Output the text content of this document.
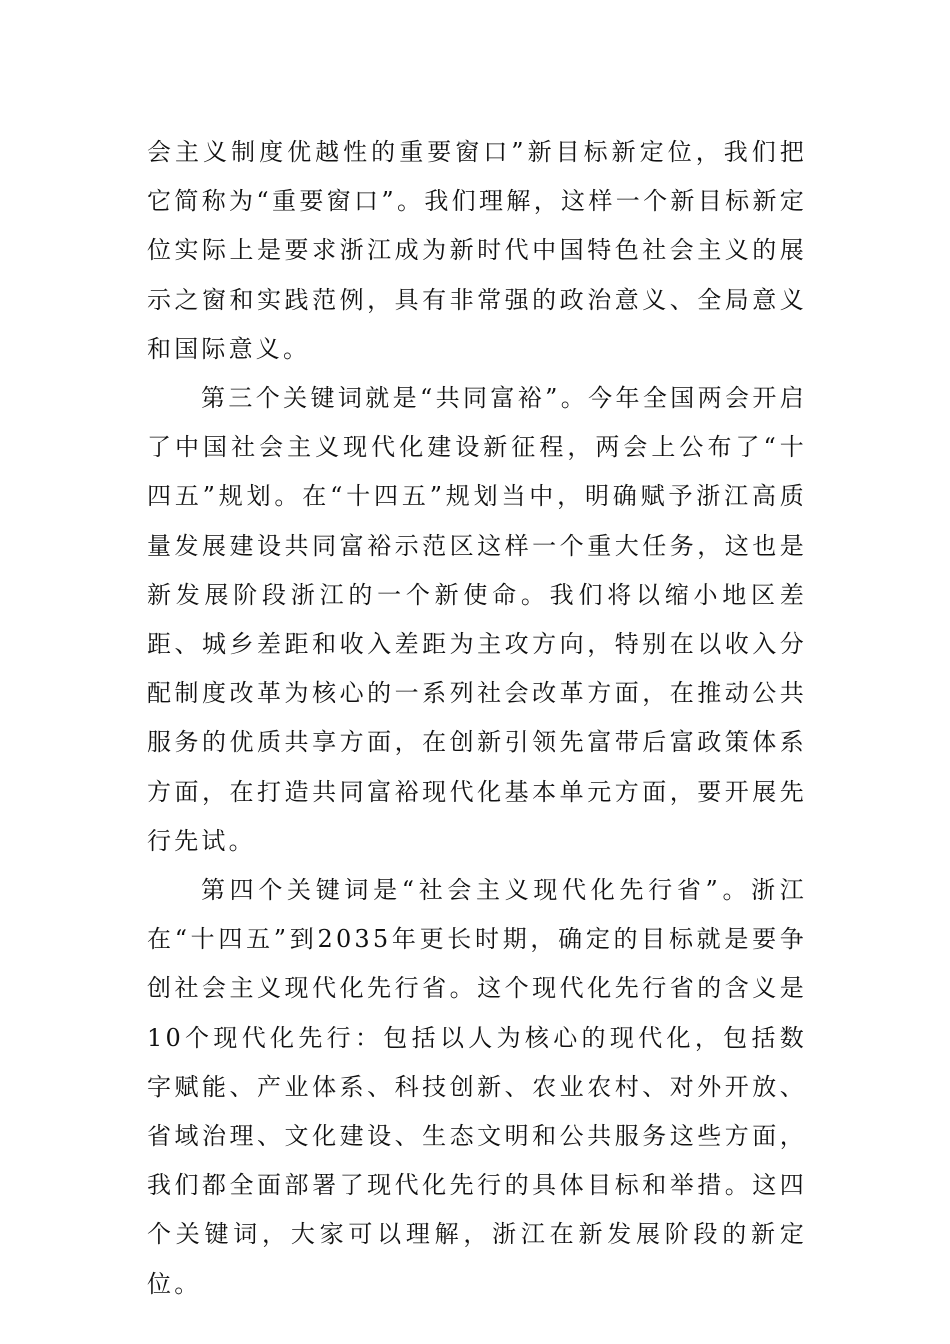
会主义制度优越性的重要窗口”新目标新定位，我们把它简称为“重要窗口”。我们理解，这样一个新目标新定位实际上是要求浙江成为新时代中国特色社会主义的展示之窗和实践范例，具有非常强的政治意义、全局意义和国际意义。

第三个关键词就是“共同富裕”。今年全国两会开启了中国社会主义现代化建设新征程，两会上公布了“十四五”规划。在“十四五”规划当中，明确赋予浙江高质量发展建设共同富裕示范区这样一个重大任务，这也是新发展阶段浙江的一个新使命。我们将以缩小地区差距、城乡差距和收入差距为主攻方向，特别在以收入分配制度改革为核心的一系列社会改革方面，在推动公共服务的优质共享方面，在创新引领先富带后富政策体系方面，在打造共同富裕现代化基本单元方面，要开展先行先试。

第四个关键词是“社会主义现代化先行省”。浙江在“十四五”到2035年更长时期，确定的目标就是要争创社会主义现代化先行省。这个现代化先行省的含义是10个现代化先行：包括以人为核心的现代化，包括数字赋能、产业体系、科技创新、农业农村、对外开放、省域治理、文化建设、生态文明和公共服务这些方面，我们都全面部署了现代化先行的具体目标和举措。这四个关键词，大家可以理解，浙江在新发展阶段的新定位。
